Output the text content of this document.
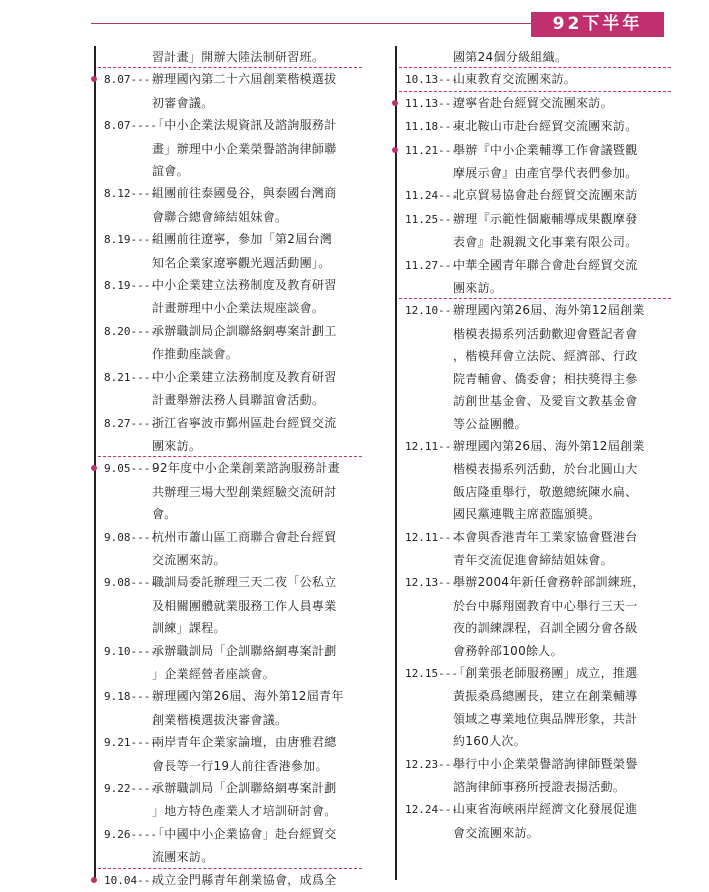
92下半年
習計畫」開辦大陸法制研習班。
8.07----辦理國內第二十六屆創業楷模選拔
初審會議。
8.07----「中小企業法規資訊及諮詢服務計
畫」辦理中小企業榮譽諮詢律師聯
誼會。
8.12----組團前往泰國曼谷，與泰國台灣商
會聯合總會締結姐妹會。
8.19----組團前往遼寧，參加「第2屆台灣
知名企業家遼寧觀光週活動團」。
8.19----中小企業建立法務制度及教育研習
計畫辦理中小企業法規座談會。
8.20----承辦職訓局企訓聯絡網專案計劃工
作推動座談會。
8.21----中小企業建立法務制度及教育研習
計畫舉辦法務人員聯誼會活動。
8.27----浙江省寧波市鄞州區赴台經貿交流
團來訪。
9.05----92年度中小企業創業諮詢服務計畫
共辦理三場大型創業經驗交流研討
會。
9.08----杭州市蕭山區工商聯合會赴台經貿
交流團來訪。
9.08----職訓局委託辦理三天二夜「公私立
及相關團體就業服務工作人員專業
訓練」課程。
9.10----承辦職訓局「企訓聯絡網專案計劃
」企業經營者座談會。
9.18----辦理國內第26屆、海外第12屆青年
創業楷模選拔決審會議。
9.21----兩岸青年企業家論壇，由唐雅君總
會長等一行19人前往香港參加。
9.22----承辦職訓局「企訓聯絡網專案計劃
」地方特色產業人才培訓研討會。
9.26----「中國中小企業協會」赴台經貿交
流團來訪。
10.04---成立金門縣青年創業協會，成爲全
國第24個分級組織。
10.13---山東教育交流團來訪。
11.13---遼寧省赴台經貿交流團來訪。
11.18---東北鞍山市赴台經貿交流團來訪。
11.21---舉辦『中小企業輔導工作會議暨觀
摩展示會』由產官學代表們參加。
11.24---北京貿易協會赴台經貿交流團來訪
11.25---辦理『示範性個廠輔導成果觀摩發
表會』赴親親文化事業有限公司。
11.27---中華全國青年聯合會赴台經貿交流
團來訪。
12.10---辦理國內第26屆、海外第12屆創業
楷模表揚系列活動歡迎會暨記者會
，楷模拜會立法院、經濟部、行政
院青輔會、僑委會；相扶獎得主參
訪創世基金會、及愛盲文教基金會
等公益團體。
12.11---辦理國內第26屆、海外第12屆創業
楷模表揚系列活動，於台北圓山大
飯店隆重舉行，敬邀總統陳水扁、
國民黨連戰主席蒞臨頒獎。
12.11---本會與香港青年工業家協會暨港台
青年交流促進會締結姐妹會。
12.13---舉辦2004年新任會務幹部訓練班，
於台中縣翔園教育中心舉行三天一
夜的訓練課程，召訓全國分會各級
會務幹部100餘人。
12.15---「創業張老師服務團」成立，推選
黃振桑爲總團長，建立在創業輔導
領域之專業地位與品牌形象，共計
約160人次。
12.23---舉行中小企業榮譽諮詢律師暨榮譽
諮詢律師事務所授證表揚活動。
12.24---山東省海峽兩岸經濟文化發展促進
會交流團來訪。
